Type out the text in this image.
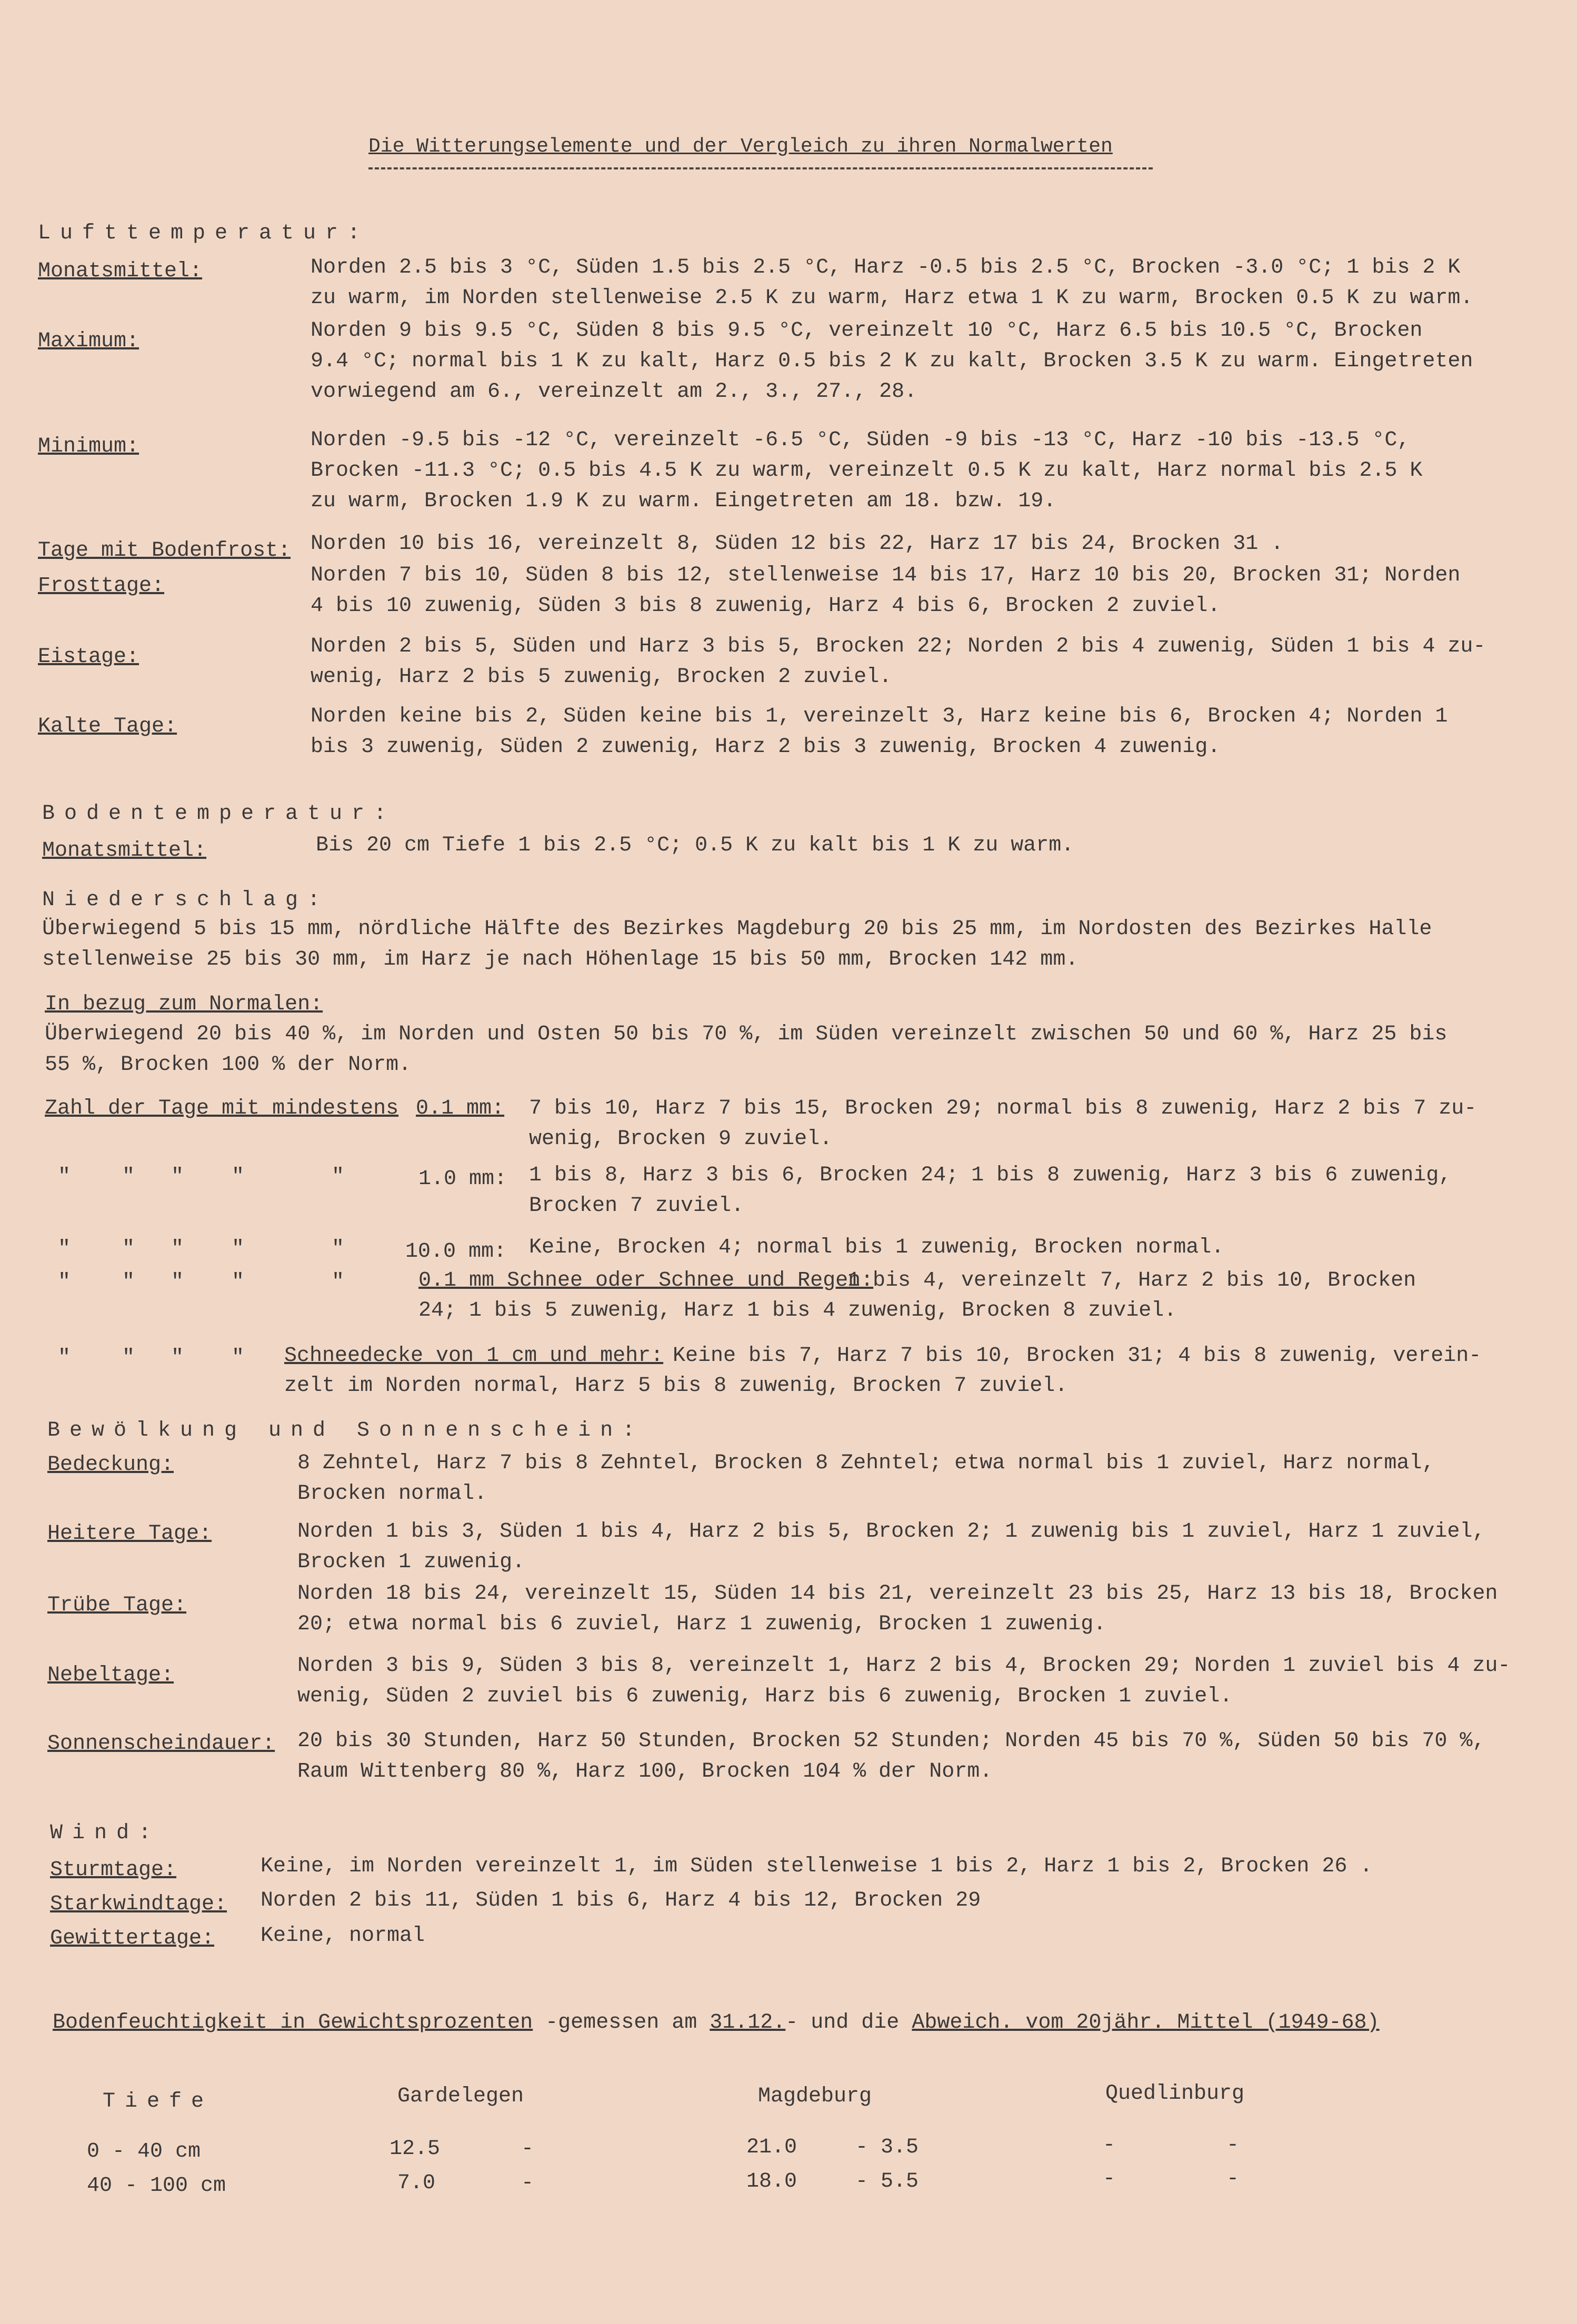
Die Witterungselemente und der Vergleich zu ihren Normalwerten
Lufttemperatur:
Monatsmittel:	Norden 2.5 bis 3 °C, Süden 1.5 bis 2.5 °C, Harz -0.5 bis 2.5 °C, Brocken -3.0 °C; 1 bis 2 K
zu warm, im Norden stellenweise 2.5 K zu warm, Harz etwa 1 K zu warm, Brocken 0.5 K zu warm.
Maximum:	Norden 9 bis 9.5 °C, Süden 8 bis 9.5 °C, vereinzelt 10 °C, Harz 6.5 bis 10.5 °C, Brocken
9.4 °C; normal bis 1 K zu kalt, Harz 0.5 bis 2 K zu kalt, Brocken 3.5 K zu warm. Eingetreten
vorwiegend am 6., vereinzelt am 2., 3., 27., 28.
Minimum:	Norden -9.5 bis -12 °C, vereinzelt -6.5 °C, Süden -9 bis -13 °C, Harz -10 bis -13.5 °C,
Brocken -11.3 °C; 0.5 bis 4.5 K zu warm, vereinzelt 0.5 K zu kalt, Harz normal bis 2.5 K
zu warm, Brocken 1.9 K zu warm. Eingetreten am 18. bzw. 19.
Tage mit Bodenfrost: Norden 10 bis 16, vereinzelt 8, Süden 12 bis 22, Harz 17 bis 24, Brocken 31 .
Frosttage:	Norden 7 bis 10, Süden 8 bis 12, stellenweise 14 bis 17, Harz 10 bis 20, Brocken 31; Norden
4 bis 10 zuwenig, Süden 3 bis 8 zuwenig, Harz 4 bis 6, Brocken 2 zuviel.
Eistage:	Norden 2 bis 5, Süden und Harz 3 bis 5, Brocken 22; Norden 2 bis 4 zuwenig, Süden 1 bis 4 zu-
wenig, Harz 2 bis 5 zuwenig, Brocken 2 zuviel.
Kalte Tage:	Norden keine bis 2, Süden keine bis 1, vereinzelt 3, Harz keine bis 6, Brocken 4; Norden 1
bis 3 zuwenig, Süden 2 zuwenig, Harz 2 bis 3 zuwenig, Brocken 4 zuwenig.
Bodentemperatur:
Monatsmittel:	Bis 20 cm Tiefe 1 bis 2.5 °C; 0.5 K zu kalt bis 1 K zu warm.
Niederschlag:
Überwiegend 5 bis 15 mm, nördliche Hälfte des Bezirkes Magdeburg 20 bis 25 mm, im Nordosten des Bezirkes Halle
stellenweise 25 bis 30 mm, im Harz je nach Höhenlage 15 bis 50 mm, Brocken 142 mm.
In bezug zum Normalen:
Überwiegend 20 bis 40 %, im Norden und Osten 50 bis 70 %, im Süden vereinzelt zwischen 50 und 60 %, Harz 25 bis
55 %, Brocken 100 % der Norm.
Zahl der Tage mit mindestens 0.1 mm: 7 bis 10, Harz 7 bis 15, Brocken 29; normal bis 8 zuwenig, Harz 2 bis 7 zu-
wenig, Brocken 9 zuviel.
" " " "	"	1.0 mm: 1 bis 8, Harz 3 bis 6, Brocken 24; 1 bis 8 zuwenig, Harz 3 bis 6 zuwenig,
Brocken 7 zuviel.
" " " "	"	10.0 mm: Keine, Brocken 4; normal bis 1 zuwenig, Brocken normal.
" " " "	"	0.1 mm Schnee oder Schnee und Regen:
1 bis 4, vereinzelt 7, Harz 2 bis 10, Brocken
24; 1 bis 5 zuwenig, Harz 1 bis 4 zuwenig, Brocken 8 zuviel.
" " " " Schneedecke von 1 cm und mehr: Keine bis 7, Harz 7 bis 10, Brocken 31; 4 bis 8 zuwenig, verein-
zelt im Norden normal, Harz 5 bis 8 zuwenig, Brocken 7 zuviel.
Bewölkung und Sonnenschein:
Bedeckung:	8 Zehntel, Harz 7 bis 8 Zehntel, Brocken 8 Zehntel; etwa normal bis 1 zuviel, Harz normal,
Brocken normal.
Heitere Tage:	Norden 1 bis 3, Süden 1 bis 4, Harz 2 bis 5, Brocken 2; 1 zuwenig bis 1 zuviel, Harz 1 zuviel,
Brocken 1 zuwenig.
Trübe Tage:	Norden 18 bis 24, vereinzelt 15, Süden 14 bis 21, vereinzelt 23 bis 25, Harz 13 bis 18, Brocken
20; etwa normal bis 6 zuviel, Harz 1 zuwenig, Brocken 1 zuwenig.
Nebeltage:	Norden 3 bis 9, Süden 3 bis 8, vereinzelt 1, Harz 2 bis 4, Brocken 29; Norden 1 zuviel bis 4 zu-
wenig, Süden 2 zuviel bis 6 zuwenig, Harz bis 6 zuwenig, Brocken 1 zuviel.
Sonnenscheindauer: 20 bis 30 Stunden, Harz 50 Stunden, Brocken 52 Stunden; Norden 45 bis 70 %, Süden 50 bis 70 %,
Raum Wittenberg 80 %, Harz 100, Brocken 104 % der Norm.
Wind:
Sturmtage:	Keine, im Norden vereinzelt 1, im Süden stellenweise 1 bis 2, Harz 1 bis 2, Brocken 26 .
Starkwindtage: Norden 2 bis 11, Süden 1 bis 6, Harz 4 bis 12, Brocken 29
Gewittertage: Keine, normal
Bodenfeuchtigkeit in Gewichtsprozenten -gemessen am 31.12.- und die Abweich. vom 20jähr. Mittel (1949-68)
Tiefe	Gardelegen	Magdeburg	Quedlinburg
0 - 40 cm	12.5	-	21.0	- 3.5	-	-
40 - 100 cm	7.0	-	18.0	- 5.5	-	-
